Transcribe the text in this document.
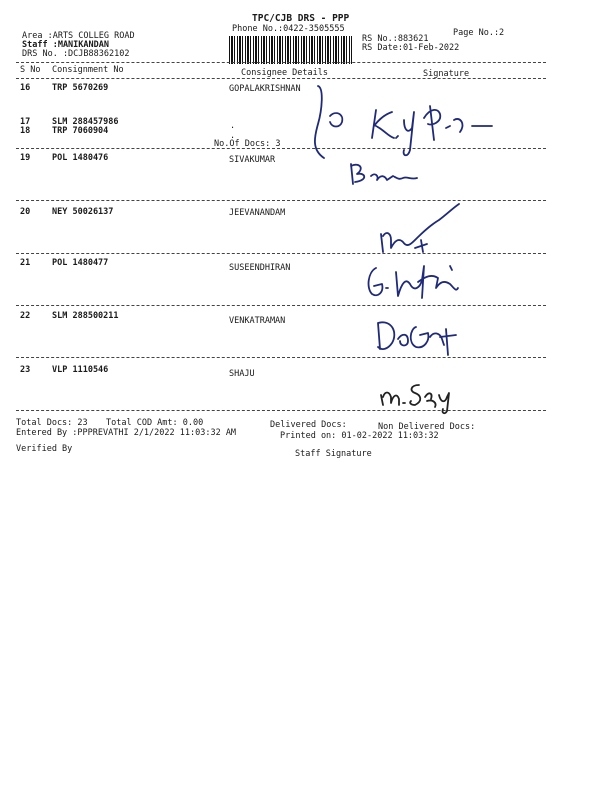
TPC/CJB DRS - PPP
Phone No.:0422-3505555	Page No.:2
Area :ARTS COLLEG ROAD
Staff :MANIKANDAN
DRS No. :DCJB88362102
RS No.:883621
RS Date:01-Feb-2022
S No Consignment No	Consignee Details	Signature
16	TRP 5670269	GOPALAKRISHNAN
17	SLM 288457986
18	TRP 7060904
No.Of Docs: 3
.
.
19	POL 1480476	SIVAKUMAR
20	NEY 50026137	JEEVANANDAM
21	POL 1480477	SUSEENDHIRAN
22	SLM 288500211	VENKATRAMAN
23	VLP 1110546	SHAJU
Total Docs: 23 Total COD Amt: 0.00	Delivered Docs:	Non Delivered Docs:
Entered By :PPPREVATHI 2/1/2022 11:03:32 AM	Printed on: 01-02-2022 11:03:32
Verified By	Staff Signature
